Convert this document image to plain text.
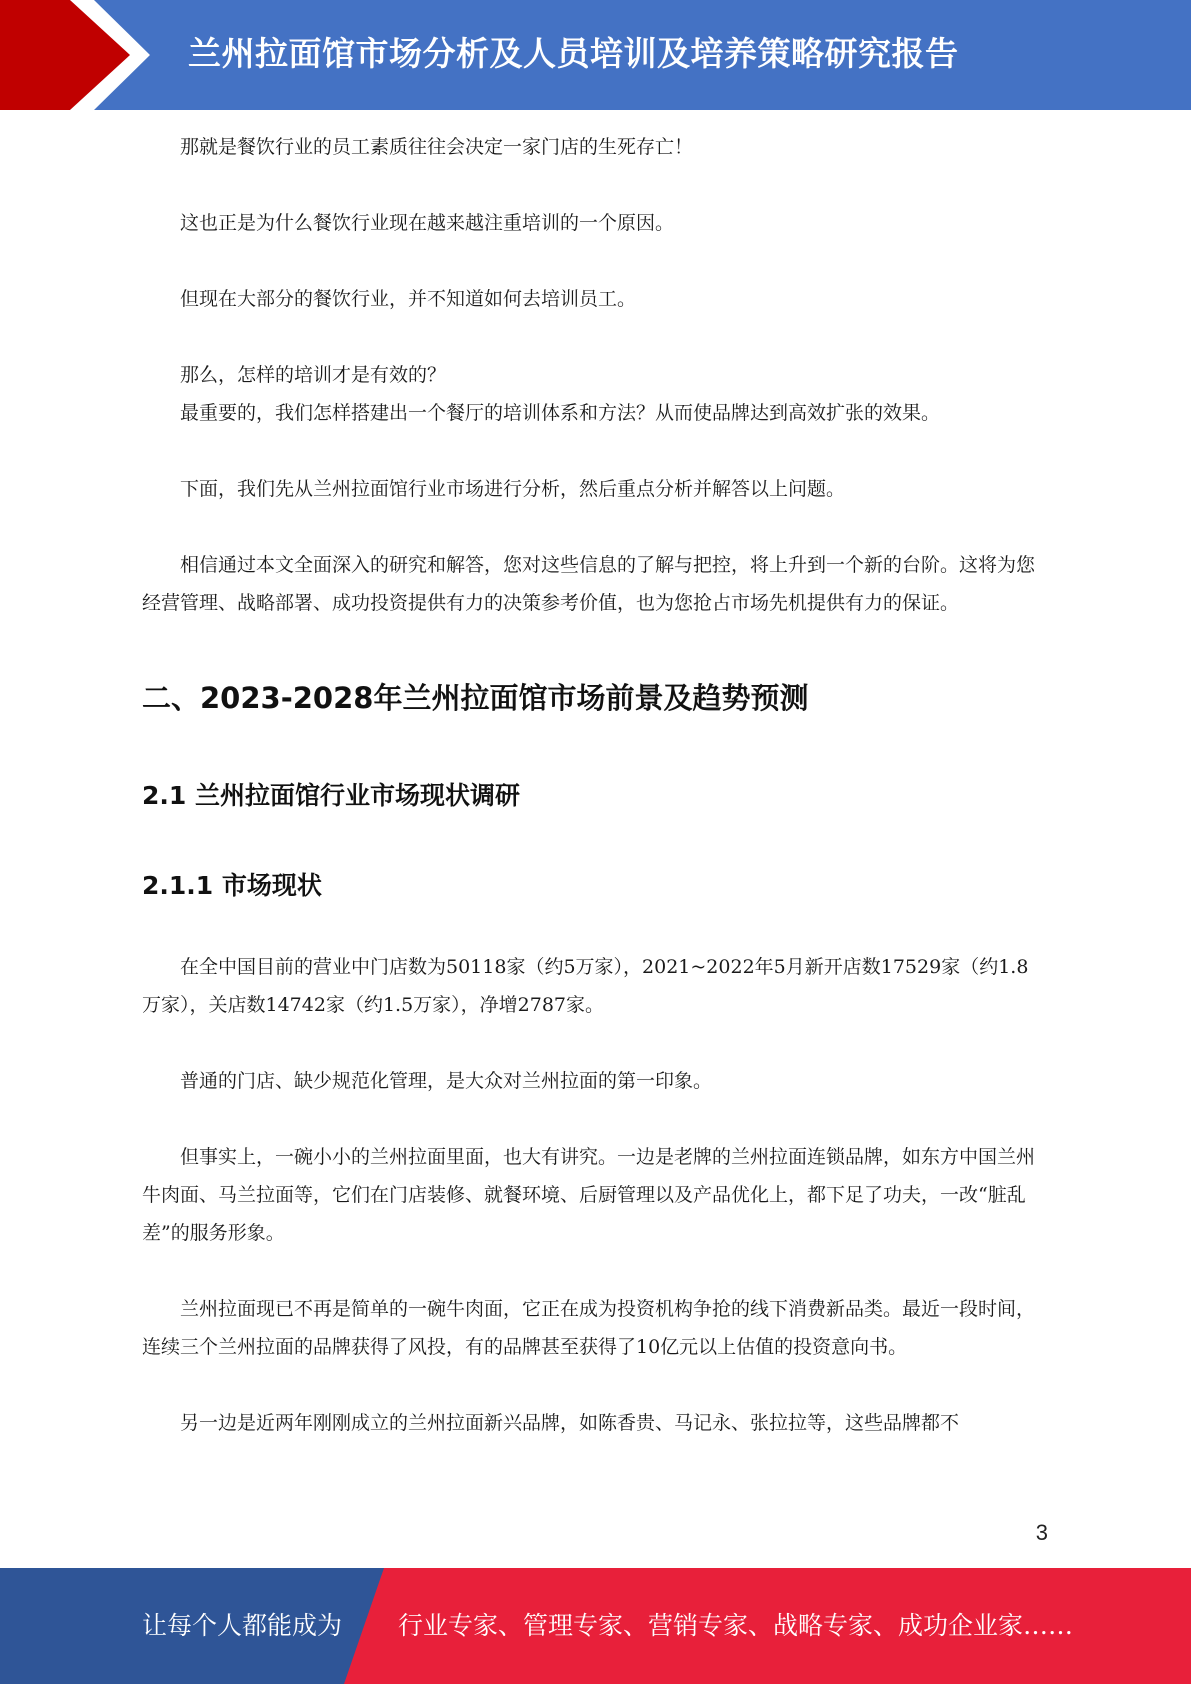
兰州拉面馆市场分析及人员培训及培养策略研究报告

那就是餐饮行业的员工素质往往会决定一家门店的生死存亡！

这也正是为什么餐饮行业现在越来越注重培训的一个原因。

但现在大部分的餐饮行业，并不知道如何去培训员工。

那么，怎样的培训才是有效的？

最重要的，我们怎样搭建出一个餐厅的培训体系和方法？从而使品牌达到高效扩张的效果。

下面，我们先从兰州拉面馆行业市场进行分析，然后重点分析并解答以上问题。

相信通过本文全面深入的研究和解答，您对这些信息的了解与把控，将上升到一个新的台阶。这将为您经营管理、战略部署、成功投资提供有力的决策参考价值，也为您抢占市场先机提供有力的保证。

二、2023-2028年兰州拉面馆市场前景及趋势预测
2.1 兰州拉面馆行业市场现状调研
2.1.1 市场现状

在全中国目前的营业中门店数为50118家（约5万家），2021~2022年5月新开店数17529家（约1.8万家），关店数14742家（约1.5万家），净增2787家。

普通的门店、缺少规范化管理，是大众对兰州拉面的第一印象。

但事实上，一碗小小的兰州拉面里面，也大有讲究。一边是老牌的兰州拉面连锁品牌，如东方中国兰州牛肉面、马兰拉面等，它们在门店装修、就餐环境、后厨管理以及产品优化上，都下足了功夫，一改“脏乱差”的服务形象。

兰州拉面现已不再是简单的一碗牛肉面，它正在成为投资机构争抢的线下消费新品类。最近一段时间，连续三个兰州拉面的品牌获得了风投，有的品牌甚至获得了10亿元以上估值的投资意向书。

另一边是近两年刚刚成立的兰州拉面新兴品牌，如陈香贵、马记永、张拉拉等，这些品牌都不

3
让每个人都能成为 行业专家、管理专家、营销专家、战略专家、成功企业家……
